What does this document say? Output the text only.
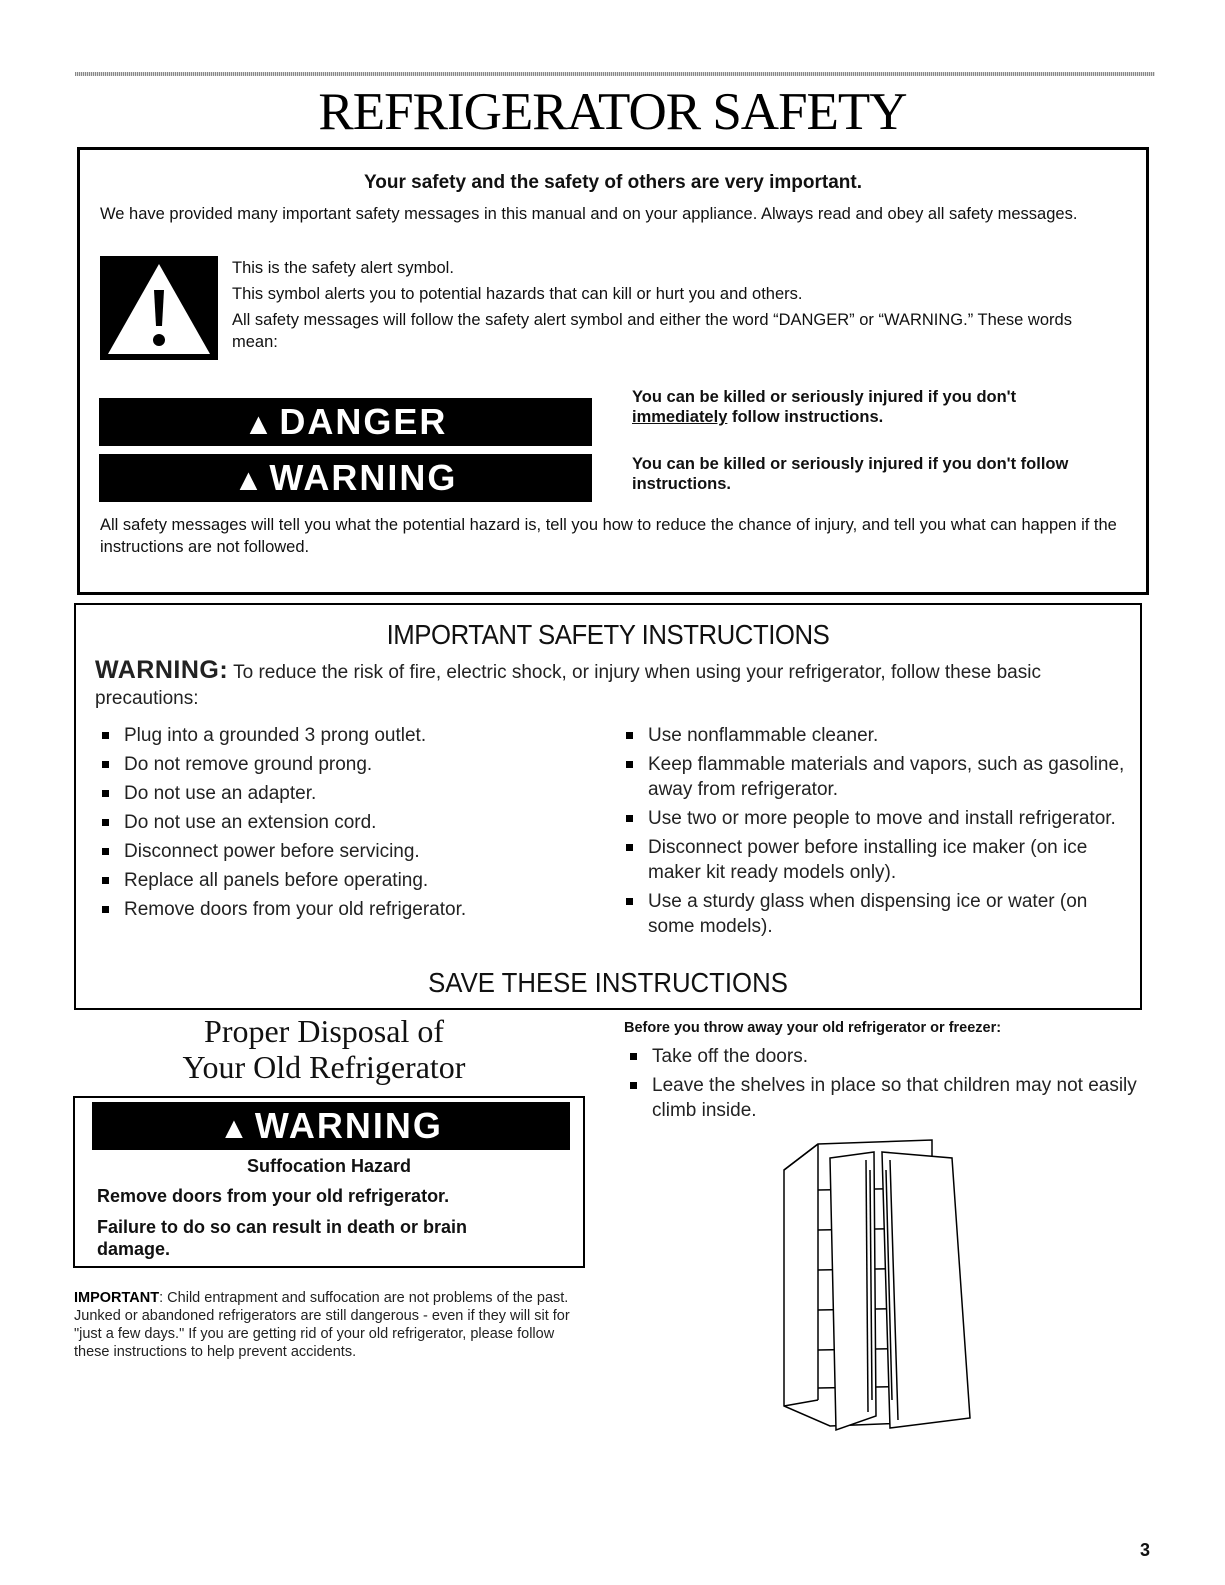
REFRIGERATOR SAFETY
Your safety and the safety of others are very important.
We have provided many important safety messages in this manual and on your appliance. Always read and obey all safety messages.
This is the safety alert symbol.
This symbol alerts you to potential hazards that can kill or hurt you and others.
All safety messages will follow the safety alert symbol and either the word “DANGER” or “WARNING.” These words mean:
▲ DANGER
You can be killed or seriously injured if you don't
immediately follow instructions.
▲ WARNING	You can be killed or seriously injured if you don't follow instructions.
All safety messages will tell you what the potential hazard is, tell you how to reduce the chance of injury, and tell you what can happen if the instructions are not followed.
IMPORTANT SAFETY INSTRUCTIONS
WARNING: To reduce the risk of fire, electric shock, or injury when using your refrigerator, follow these basic precautions:
Plug into a grounded 3 prong outlet.
Do not remove ground prong.
Do not use an adapter.
Do not use an extension cord.
Disconnect power before servicing.
Replace all panels before operating.
Remove doors from your old refrigerator.
Use nonflammable cleaner.
Keep flammable materials and vapors, such as gasoline, away from refrigerator.
Use two or more people to move and install refrigerator.
Disconnect power before installing ice maker (on ice maker kit ready models only).
Use a sturdy glass when dispensing ice or water (on some models).
SAVE THESE INSTRUCTIONS
Proper Disposal of
Your Old Refrigerator
▲ WARNING
Suffocation Hazard
Remove doors from your old refrigerator.
Failure to do so can result in death or brain damage.
IMPORTANT: Child entrapment and suffocation are not problems of the past. Junked or abandoned refrigerators are still dangerous - even if they will sit for "just a few days." If you are getting rid of your old refrigerator, please follow these instructions to help prevent accidents.
Before you throw away your old refrigerator or freezer:
Take off the doors.
Leave the shelves in place so that children may not easily climb inside.
3
